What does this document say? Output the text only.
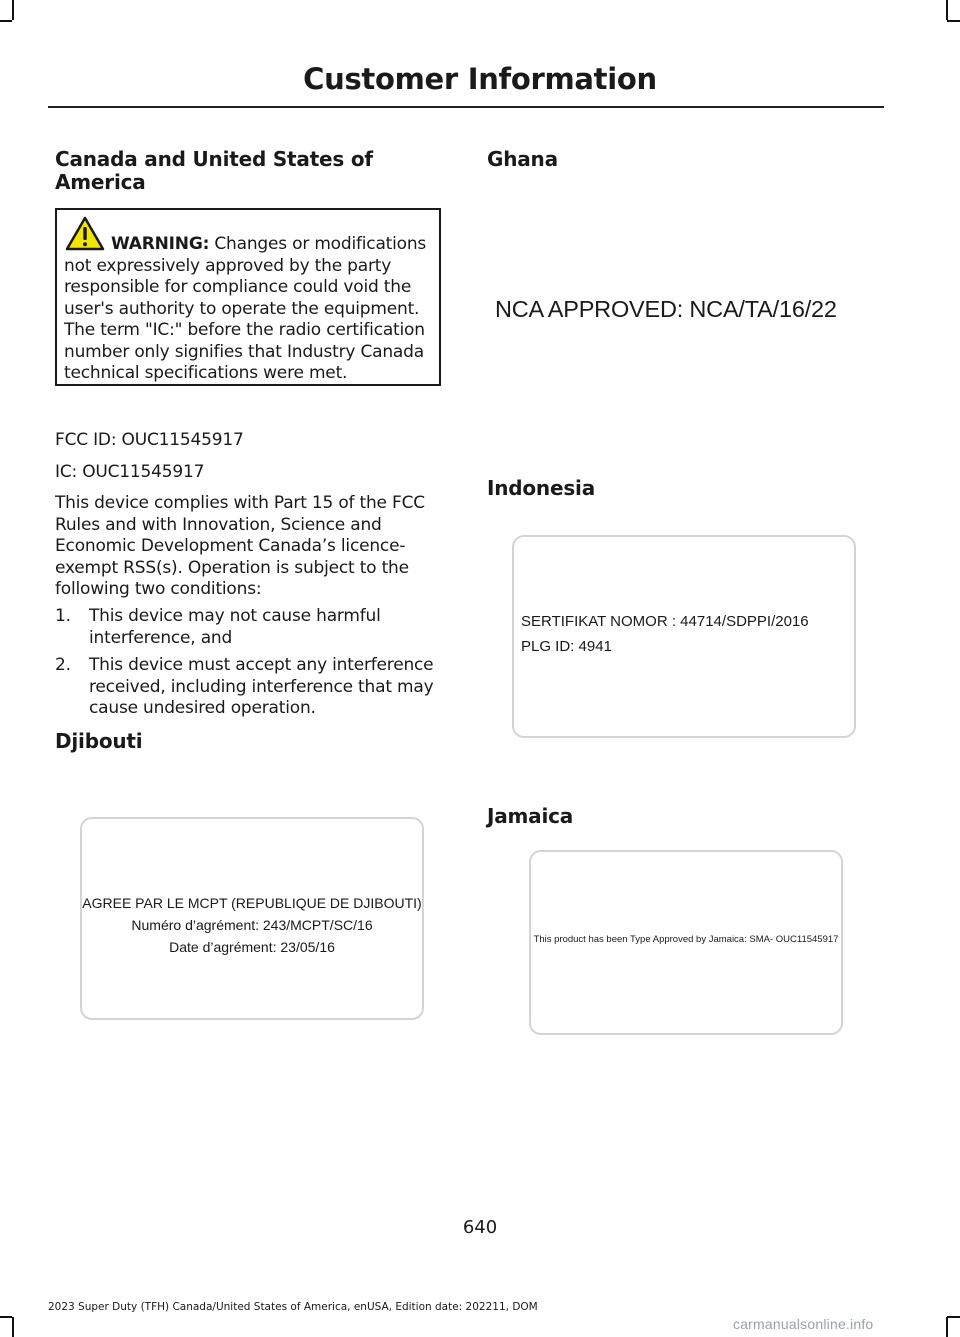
Customer Information
Canada and United States of America
WARNING: Changes or modifications not expressively approved by the party responsible for compliance could void the user's authority to operate the equipment. The term "IC:" before the radio certification number only signifies that Industry Canada technical specifications were met.

FCC ID: OUC11545917

IC: OUC11545917

This device complies with Part 15 of the FCC Rules and with Innovation, Science and Economic Development Canada’s licence-exempt RSS(s). Operation is subject to the following two conditions:

1. This device may not cause harmful interference, and
2. This device must accept any interference received, including interference that may cause undesired operation.
Djibouti
AGREE PAR LE MCPT (REPUBLIQUE DE DJIBOUTI)
Numéro d’agrément: 243/MCPT/SC/16
Date d’agrément: 23/05/16
Ghana
NCA APPROVED: NCA/TA/16/22
Indonesia
SERTIFIKAT NOMOR : 44714/SDPPI/2016
PLG ID: 4941
Jamaica
This product has been Type Approved by Jamaica: SMA- OUC11545917
640
2023 Super Duty (TFH) Canada/United States of America, enUSA, Edition date: 202211, DOM
carmanualsonline.info
